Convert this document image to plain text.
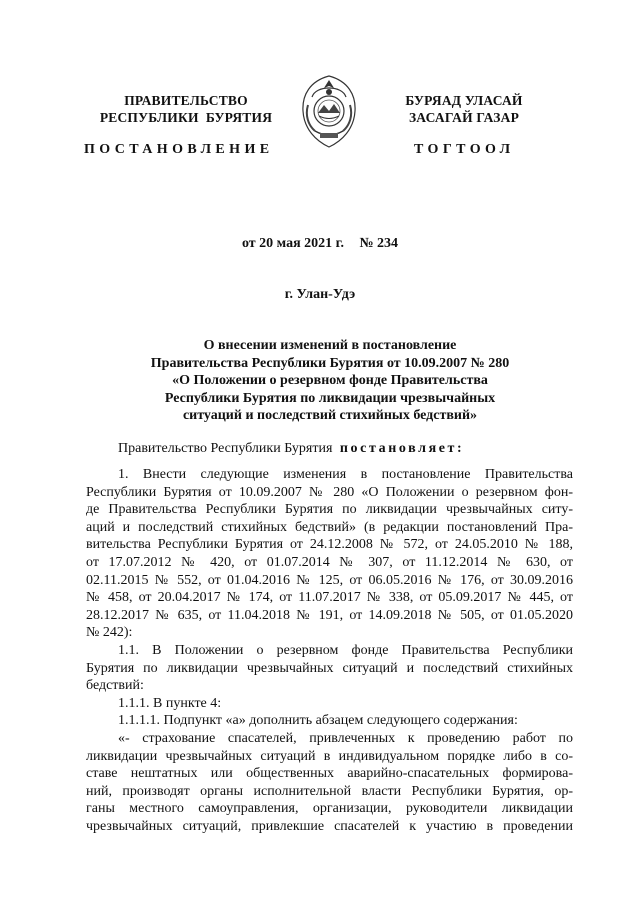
ПРАВИТЕЛЬСТВО
РЕСПУБЛИКИ  БУРЯТИЯ
БУРЯАД УЛАСАЙ
ЗАСАГАЙ ГАЗАР
ПОСТАНОВЛЕНИЕ	ТОГТООЛ
от 20 мая 2021 г. № 234
г. Улан-Удэ
О внесении изменений в постановление
Правительства Республики Бурятия от 10.09.2007 № 280
«О Положении о резервном фонде Правительства
Республики Бурятия по ликвидации чрезвычайных
ситуаций и последствий стихийных бедствий»
Правительство Республики Бурятия постановляет:
1. Внести следующие изменения в постановление Правительства
Республики Бурятия от 10.09.2007 № 280 «О Положении о резервном фон-
де Правительства Республики Бурятия по ликвидации чрезвычайных ситу-
аций и последствий стихийных бедствий» (в редакции постановлений Пра-
вительства Республики Бурятия от 24.12.2008 № 572, от 24.05.2010 № 188,
от 17.07.2012 № 420, от 01.07.2014 № 307, от 11.12.2014 № 630, от
02.11.2015 № 552, от 01.04.2016 № 125, от 06.05.2016 № 176, от 30.09.2016
№ 458, от 20.04.2017 № 174, от 11.07.2017 № 338, от 05.09.2017 № 445, от
28.12.2017 № 635, от 11.04.2018 № 191, от 14.09.2018 № 505, от 01.05.2020
№ 242):
1.1. В Положении о резервном фонде Правительства Республики
Бурятия по ликвидации чрезвычайных ситуаций и последствий стихийных
бедствий:
1.1.1. В пункте 4:
1.1.1.1. Подпункт «а» дополнить абзацем следующего содержания:
«- страхование спасателей, привлеченных к проведению работ по
ликвидации чрезвычайных ситуаций в индивидуальном порядке либо в со-
ставе нештатных или общественных аварийно-спасательных формирова-
ний, производят органы исполнительной власти Республики Бурятия, ор-
ганы местного самоуправления, организации, руководители ликвидации
чрезвычайных ситуаций, привлекшие спасателей к участию в проведении
